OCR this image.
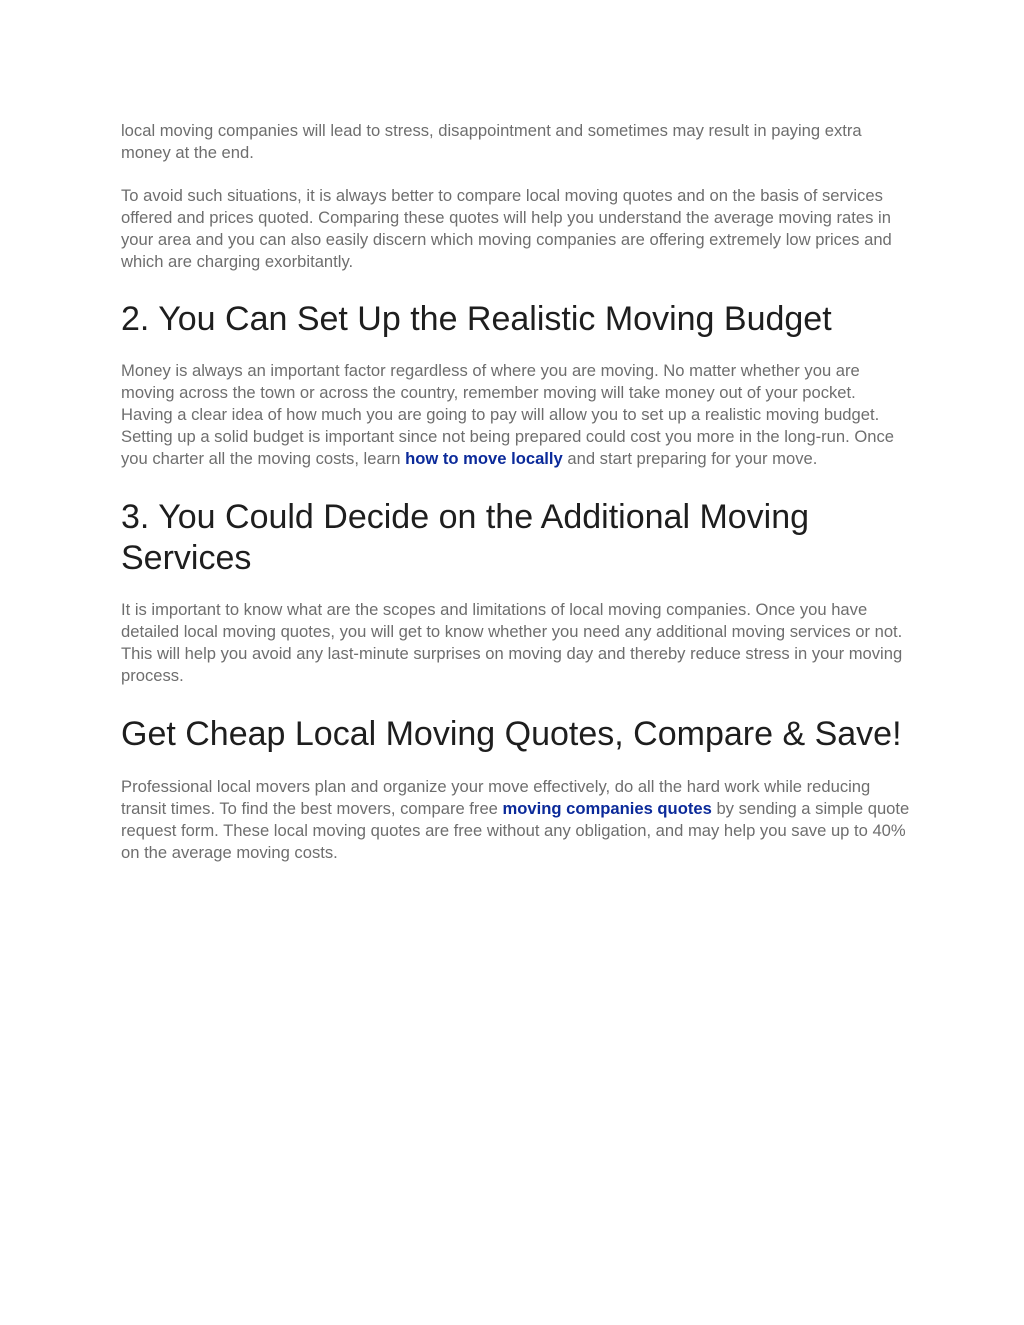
local moving companies will lead to stress, disappointment and sometimes may result in paying extra money at the end.

To avoid such situations, it is always better to compare local moving quotes and on the basis of services offered and prices quoted. Comparing these quotes will help you understand the average moving rates in your area and you can also easily discern which moving companies are offering extremely low prices and which are charging exorbitantly.

2. You Can Set Up the Realistic Moving Budget

Money is always an important factor regardless of where you are moving. No matter whether you are moving across the town or across the country, remember moving will take money out of your pocket. Having a clear idea of how much you are going to pay will allow you to set up a realistic moving budget. Setting up a solid budget is important since not being prepared could cost you more in the long-run. Once you charter all the moving costs, learn how to move locally and start preparing for your move.

3. You Could Decide on the Additional Moving Services

It is important to know what are the scopes and limitations of local moving companies. Once you have detailed local moving quotes, you will get to know whether you need any additional moving services or not. This will help you avoid any last-minute surprises on moving day and thereby reduce stress in your moving process.

Get Cheap Local Moving Quotes, Compare & Save!

Professional local movers plan and organize your move effectively, do all the hard work while reducing transit times. To find the best movers, compare free moving companies quotes by sending a simple quote request form. These local moving quotes are free without any obligation, and may help you save up to 40% on the average moving costs.
